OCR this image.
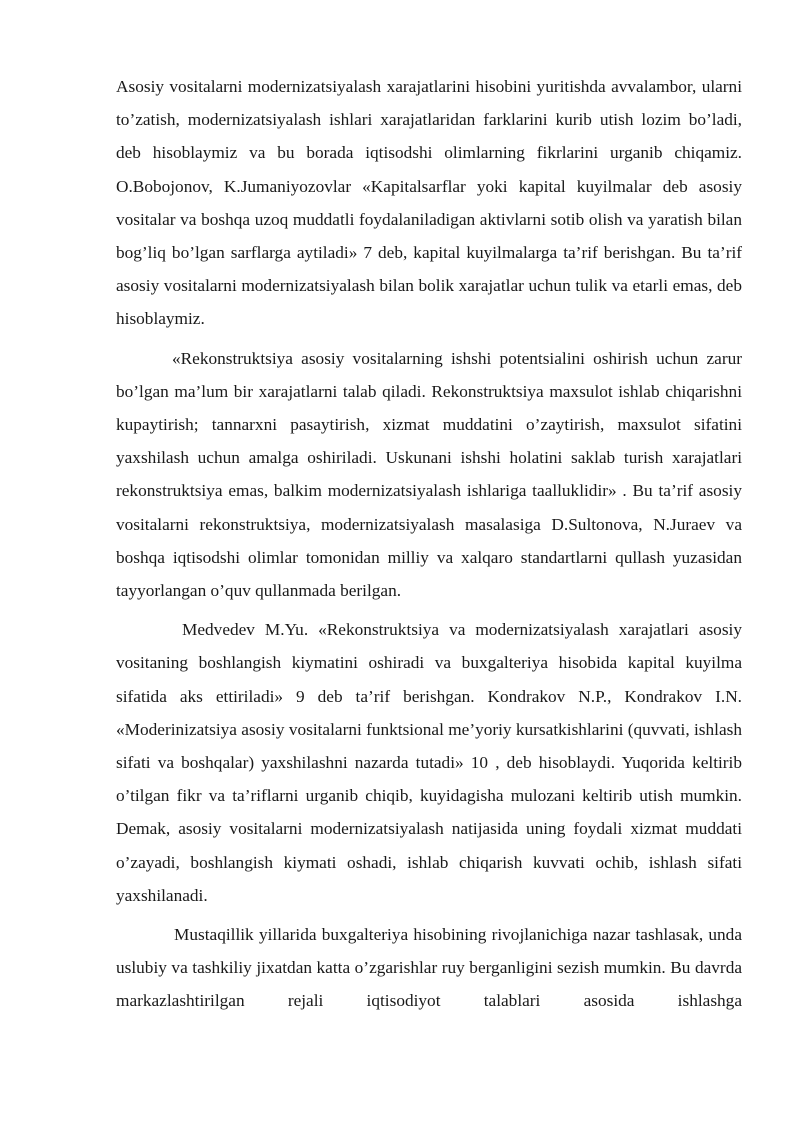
Asosiy vositalarni modernizatsiyalash xarajatlarini hisobini yuritishda avvalambor, ularni to’zatish, modernizatsiyalash ishlari xarajatlaridan farklarini kurib utish lozim bo’ladi, deb hisoblaymiz va bu borada iqtisodshi olimlarning fikrlarini urganib chiqamiz. O.Bobojonov, K.Jumaniyozovlar «Kapitalsarflar yoki kapital kuyilmalar deb asosiy vositalar va boshqa uzoq muddatli foydalaniladigan aktivlarni sotib olish va yaratish bilan bog’liq bo’lgan sarflarga aytiladi» 7 deb, kapital kuyilmalarga ta’rif berishgan. Bu ta’rif asosiy vositalarni modernizatsiyalash bilan bolik xarajatlar uchun tulik va etarli emas, deb hisoblaymiz.

«Rekonstruktsiya asosiy vositalarning ishshi potentsialini oshirish uchun zarur bo’lgan ma’lum bir xarajatlarni talab qiladi. Rekonstruktsiya maxsulot ishlab chiqarishni kupaytirish; tannarxni pasaytirish, xizmat muddatini o’zaytirish, maxsulot sifatini yaxshilash uchun amalga oshiriladi. Uskunani ishshi holatini saklab turish xarajatlari rekonstruktsiya emas, balkim modernizatsiyalash ishlariga taalluklidir» . Bu ta’rif asosiy vositalarni rekonstruktsiya, modernizatsiyalash masalasiga D.Sultonova, N.Juraev va boshqa iqtisodshi olimlar tomonidan milliy va xalqaro standartlarni qullash yuzasidan tayyorlangan o’quv qullanmada berilgan.

Medvedev M.Yu. «Rekonstruktsiya va modernizatsiyalash xarajatlari asosiy vositaning boshlangish kiymatini oshiradi va buxgalteriya hisobida kapital kuyilma sifatida aks ettiriladi» 9 deb ta’rif berishgan. Kondrakov N.P., Kondrakov I.N. «Moderinizatsiya asosiy vositalarni funktsional me’yoriy kursatkishlarini (quvvati, ishlash sifati va boshqalar) yaxshilashni nazarda tutadi» 10 , deb hisoblaydi. Yuqorida keltirib o’tilgan fikr va ta’riflarni urganib chiqib, kuyidagisha mulozani keltirib utish mumkin. Demak, asosiy vositalarni modernizatsiyalash natijasida uning foydali xizmat muddati o’zayadi, boshlangish kiymati oshadi, ishlab chiqarish kuvvati ochib, ishlash sifati yaxshilanadi.

Mustaqillik yillarida buxgalteriya hisobining rivojlanichiga nazar tashlasak, unda uslubiy va tashkiliy jixatdan katta o’zgarishlar ruy berganligini sezish mumkin. Bu davrda markazlashtirilgan rejali iqtisodiyot talablari asosida ishlashga
